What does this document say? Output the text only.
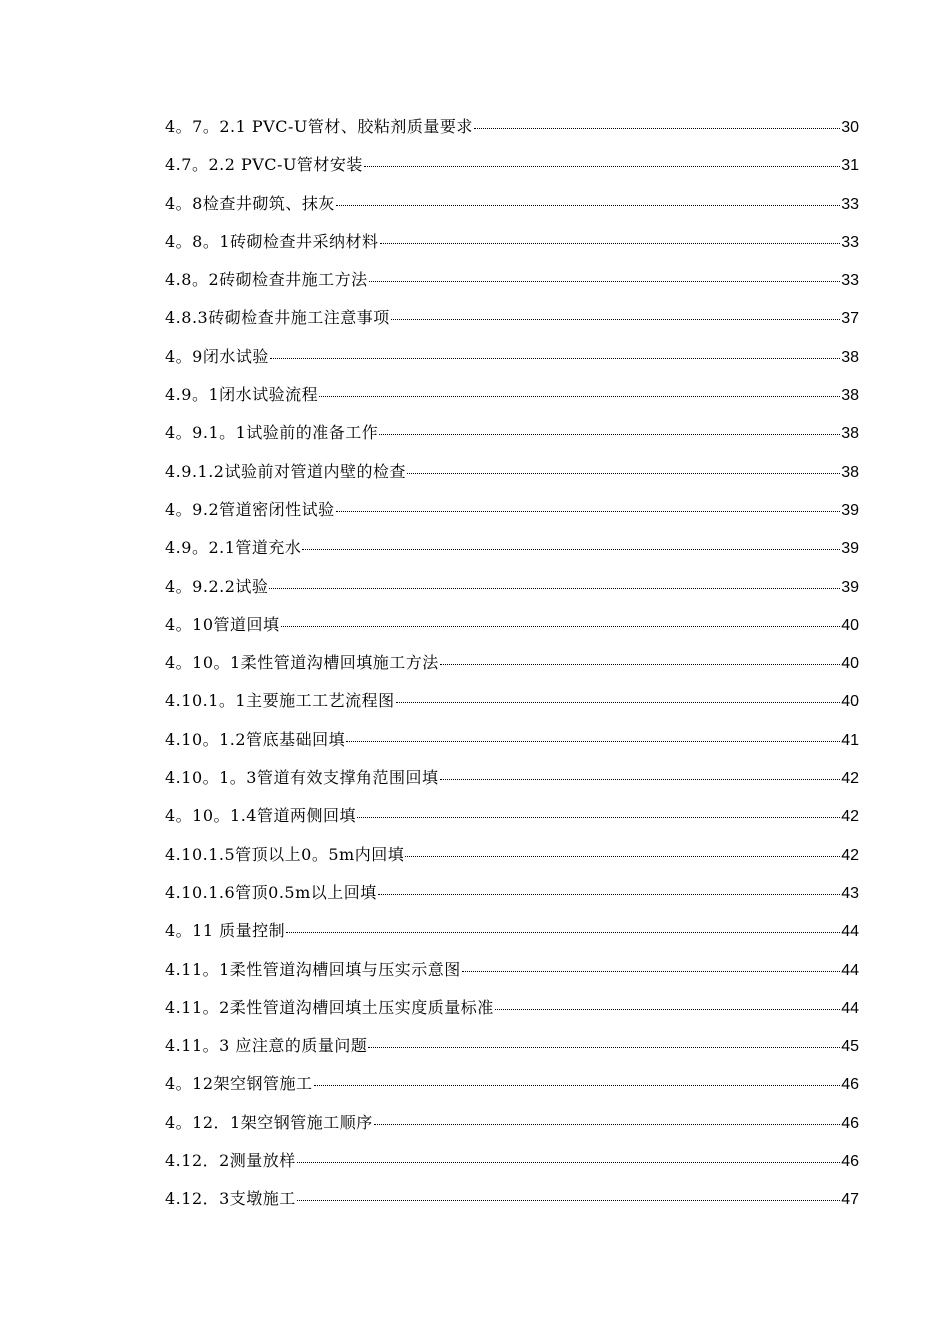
4。7。2.1 PVC-U管材、胶粘剂质量要求	30
4.7。2.2 PVC-U管材安装	31
4。8检查井砌筑、抹灰	33
4。8。1砖砌检查井采纳材料	33
4.8。2砖砌检查井施工方法	33
4.8.3砖砌检查井施工注意事项	37
4。9闭水试验	38
4.9。1闭水试验流程	38
4。9.1。1试验前的准备工作	38
4.9.1.2试验前对管道内壁的检查	38
4。9.2管道密闭性试验	39
4.9。2.1管道充水	39
4。9.2.2试验	39
4。10管道回填	40
4。10。1柔性管道沟槽回填施工方法	40
4.10.1。1主要施工工艺流程图	40
4.10。1.2管底基础回填	41
4.10。1。3管道有效支撑角范围回填	42
4。10。1.4管道两侧回填	42
4.10.1.5管顶以上0。5m内回填	42
4.10.1.6管顶0.5m以上回填	43
4。11 质量控制	44
4.11。1柔性管道沟槽回填与压实示意图	44
4.11。2柔性管道沟槽回填土压实度质量标准	44
4.11。3 应注意的质量问题	45
4。12架空钢管施工	46
4。12．1架空钢管施工顺序	46
4.12．2测量放样	46
4.12．3支墩施工	47
